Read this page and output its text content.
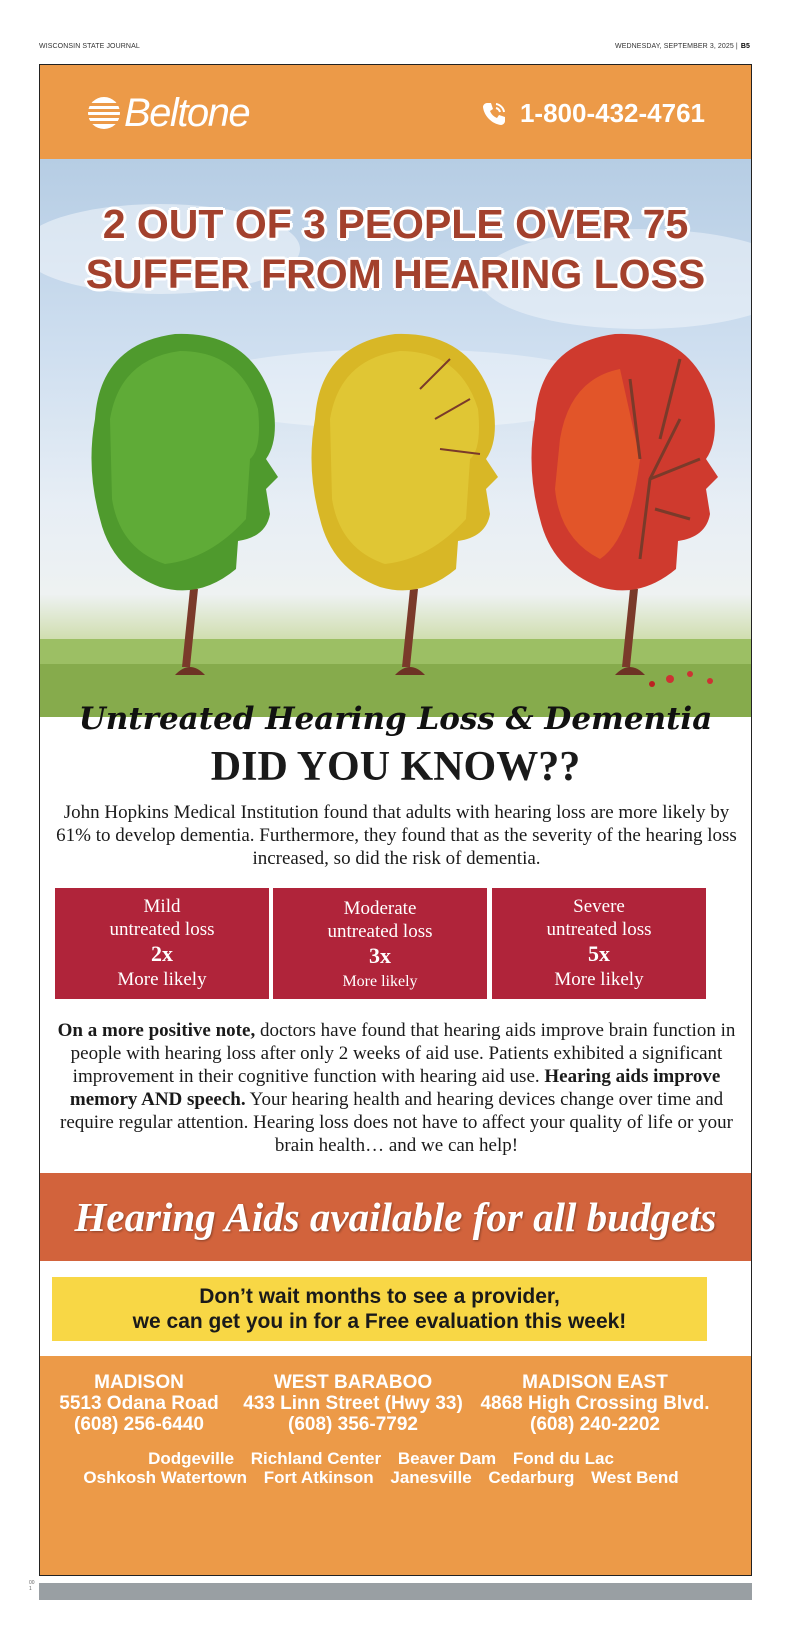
WISCONSIN STATE JOURNAL	WEDNESDAY, SEPTEMBER 3, 2025 | B5
Beltone	1-800-432-4761
2 OUT OF 3 PEOPLE OVER 75
SUFFER FROM HEARING LOSS
Untreated Hearing Loss & Dementia
DID YOU KNOW??

John Hopkins Medical Institution found that adults with hearing loss are more likely by 61% to develop dementia. Furthermore, they found that as the severity of the hearing loss increased, so did the risk of dementia.

Mild
untreated loss
2x
More likely
Moderate
untreated loss
3x
More likely
Severe
untreated loss
5x
More likely

On a more positive note, doctors have found that hearing aids improve brain function in people with hearing loss after only 2 weeks of aid use. Patients exhibited a significant improvement in their cognitive function with hearing aid use. Hearing aids improve memory AND speech. Your hearing health and hearing devices change over time and require regular attention. Hearing loss does not have to affect your quality of life or your brain health… and we can help!

Hearing Aids available for all budgets
Don’t wait months to see a provider,
we can get you in for a Free evaluation this week!
MADISON
5513 Odana Road
(608) 256-6440
WEST BARABOO
433 Linn Street (Hwy 33)
(608) 356-7792
MADISON EAST
4868 High Crossing Blvd.
(608) 240-2202
Dodgeville Richland Center Beaver Dam Fond du Lac
Oshkosh Watertown Fort Atkinson Janesville Cedarburg West Bend
00
1
